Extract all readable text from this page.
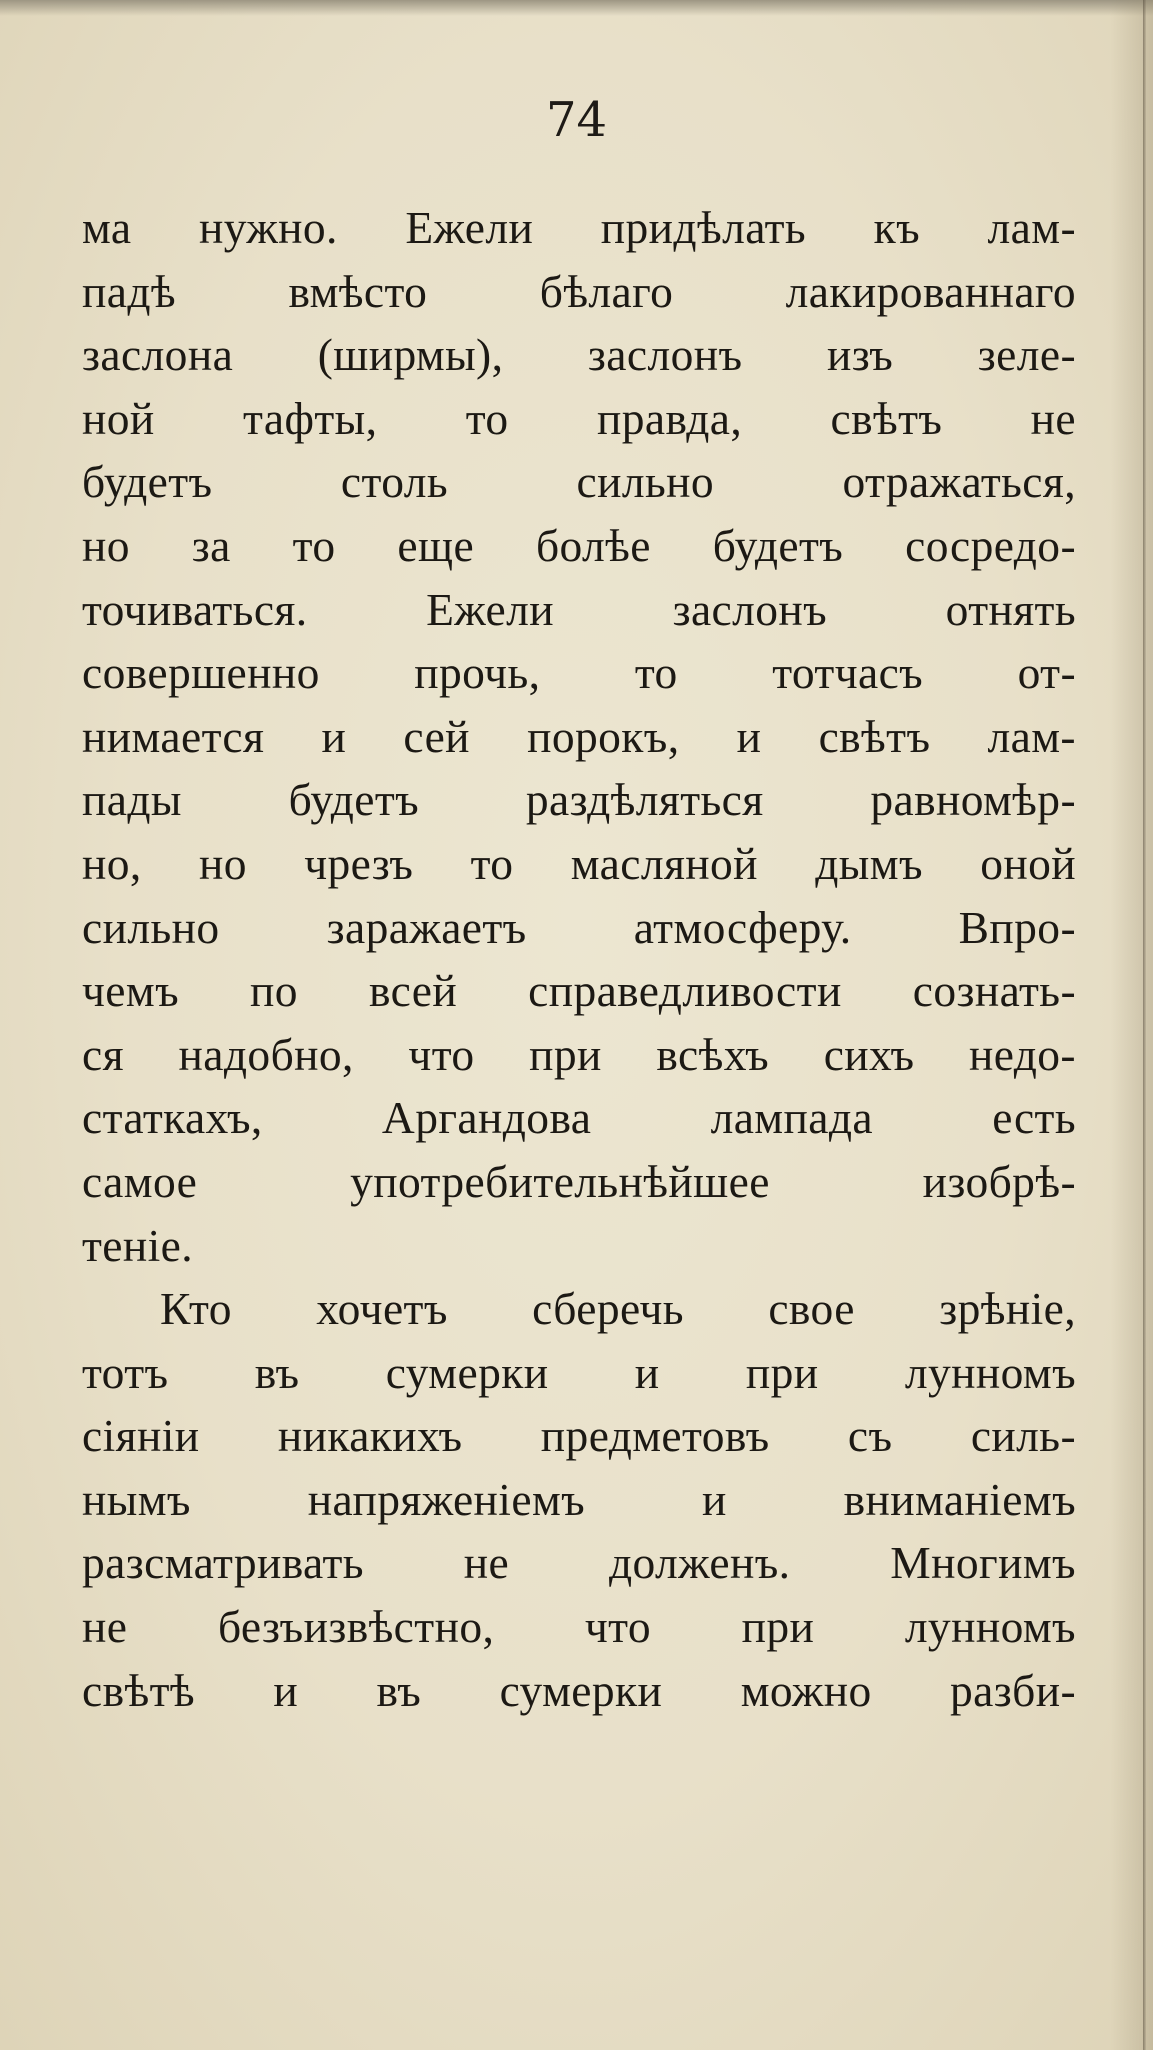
74
ма нужно. Ежели придѣлать къ лам-
падѣ вмѣсто бѣлаго лакированнаго
заслона (ширмы), заслонъ изъ зеле-
ной тафты, то правда, свѣтъ не
будетъ столь сильно отражаться,
но за то еще болѣе будетъ сосредо-
точиваться. Ежели заслонъ отнять
совершенно прочь, то тотчасъ от-
нимается и сей порокъ, и свѣтъ лам-
пады будетъ раздѣляться равномѣр-
но, но чрезъ то масляной дымъ оной
сильно заражаетъ атмосферу. Впро-
чемъ по всей справедливости сознать-
ся надобно, что при всѣхъ сихъ недо-
статкахъ, Аргандова лампада есть
самое употребительнѣйшее изобрѣ-
теніе.
Кто хочетъ сберечь свое зрѣніе,
тотъ въ сумерки и при лунномъ
сіяніи никакихъ предметовъ съ силь-
нымъ напряженіемъ и вниманіемъ
разсматривать не долженъ. Многимъ
не безъизвѣстно, что при лунномъ
свѣтѣ и въ сумерки можно разби-
